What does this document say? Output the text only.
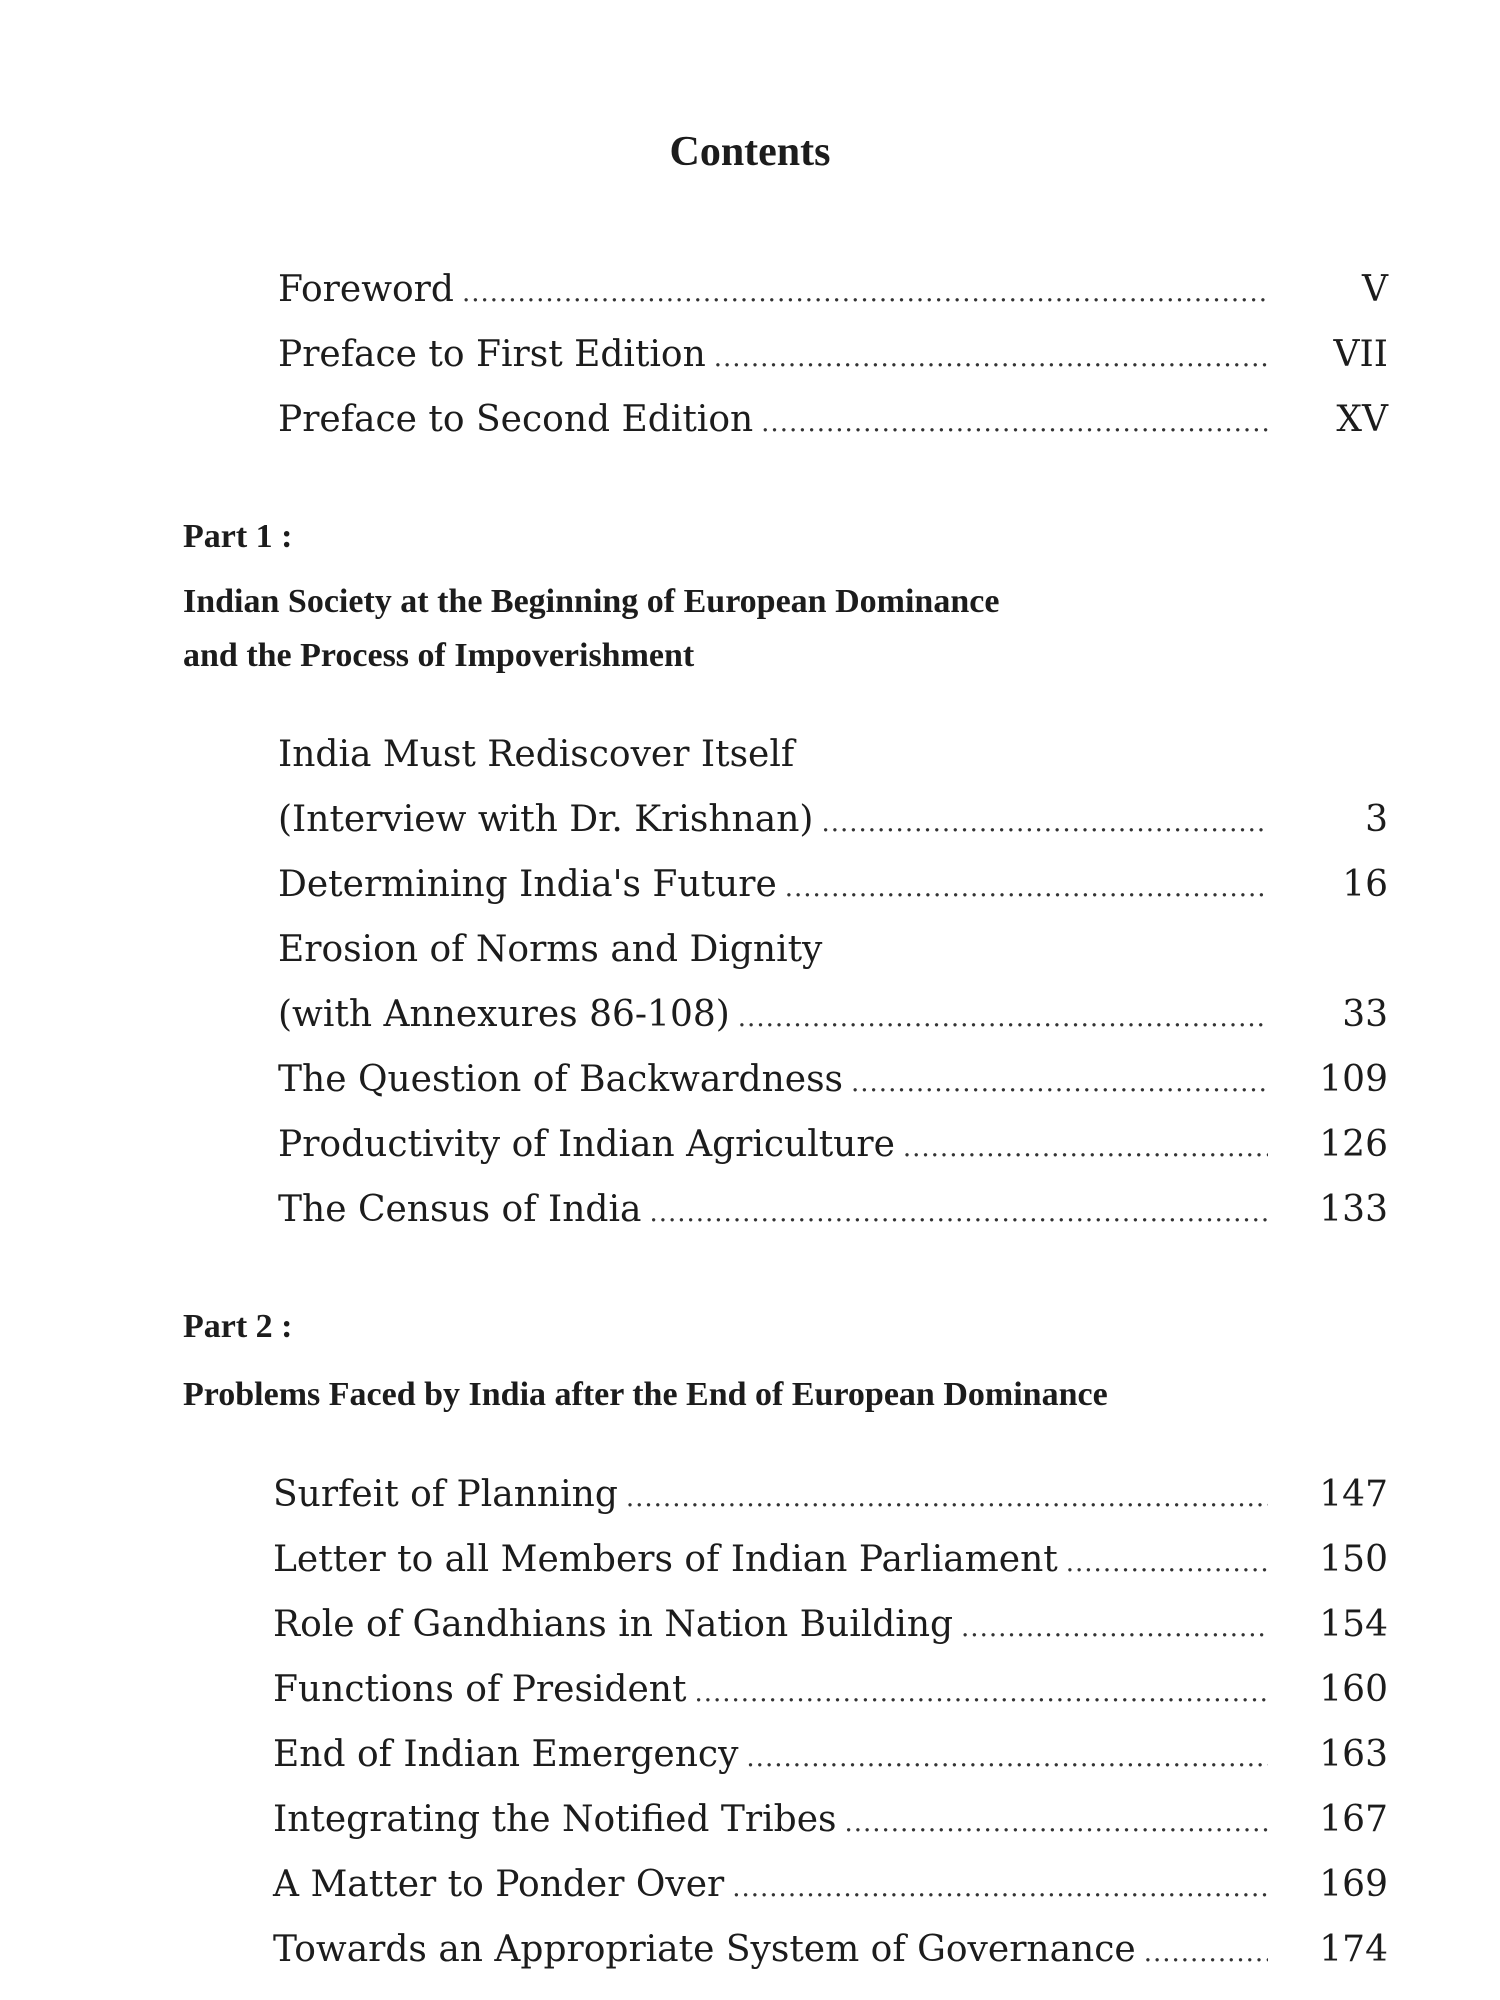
Contents
Foreword .....	V
Preface to First Edition .....	VII
Preface to Second Edition .....	XV
Part 1 :
Indian Society at the Beginning of European Dominance
and the Process of Impoverishment
India Must Rediscover Itself
(Interview with Dr. Krishnan) .....	3
Determining India's Future .....	16
Erosion of Norms and Dignity
(with Annexures 86-108) .....	33
The Question of Backwardness .....	109
Productivity of Indian Agriculture .....	126
The Census of India .....	133
Part 2 :
Problems Faced by India after the End of European Dominance
Surfeit of Planning .....	147
Letter to all Members of Indian Parliament .....	150
Role of Gandhians in Nation Building .....	154
Functions of President .....	160
End of Indian Emergency .....	163
Integrating the Notified Tribes .....	167
A Matter to Ponder Over .....	169
Towards an Appropriate System of Governance .....	174
